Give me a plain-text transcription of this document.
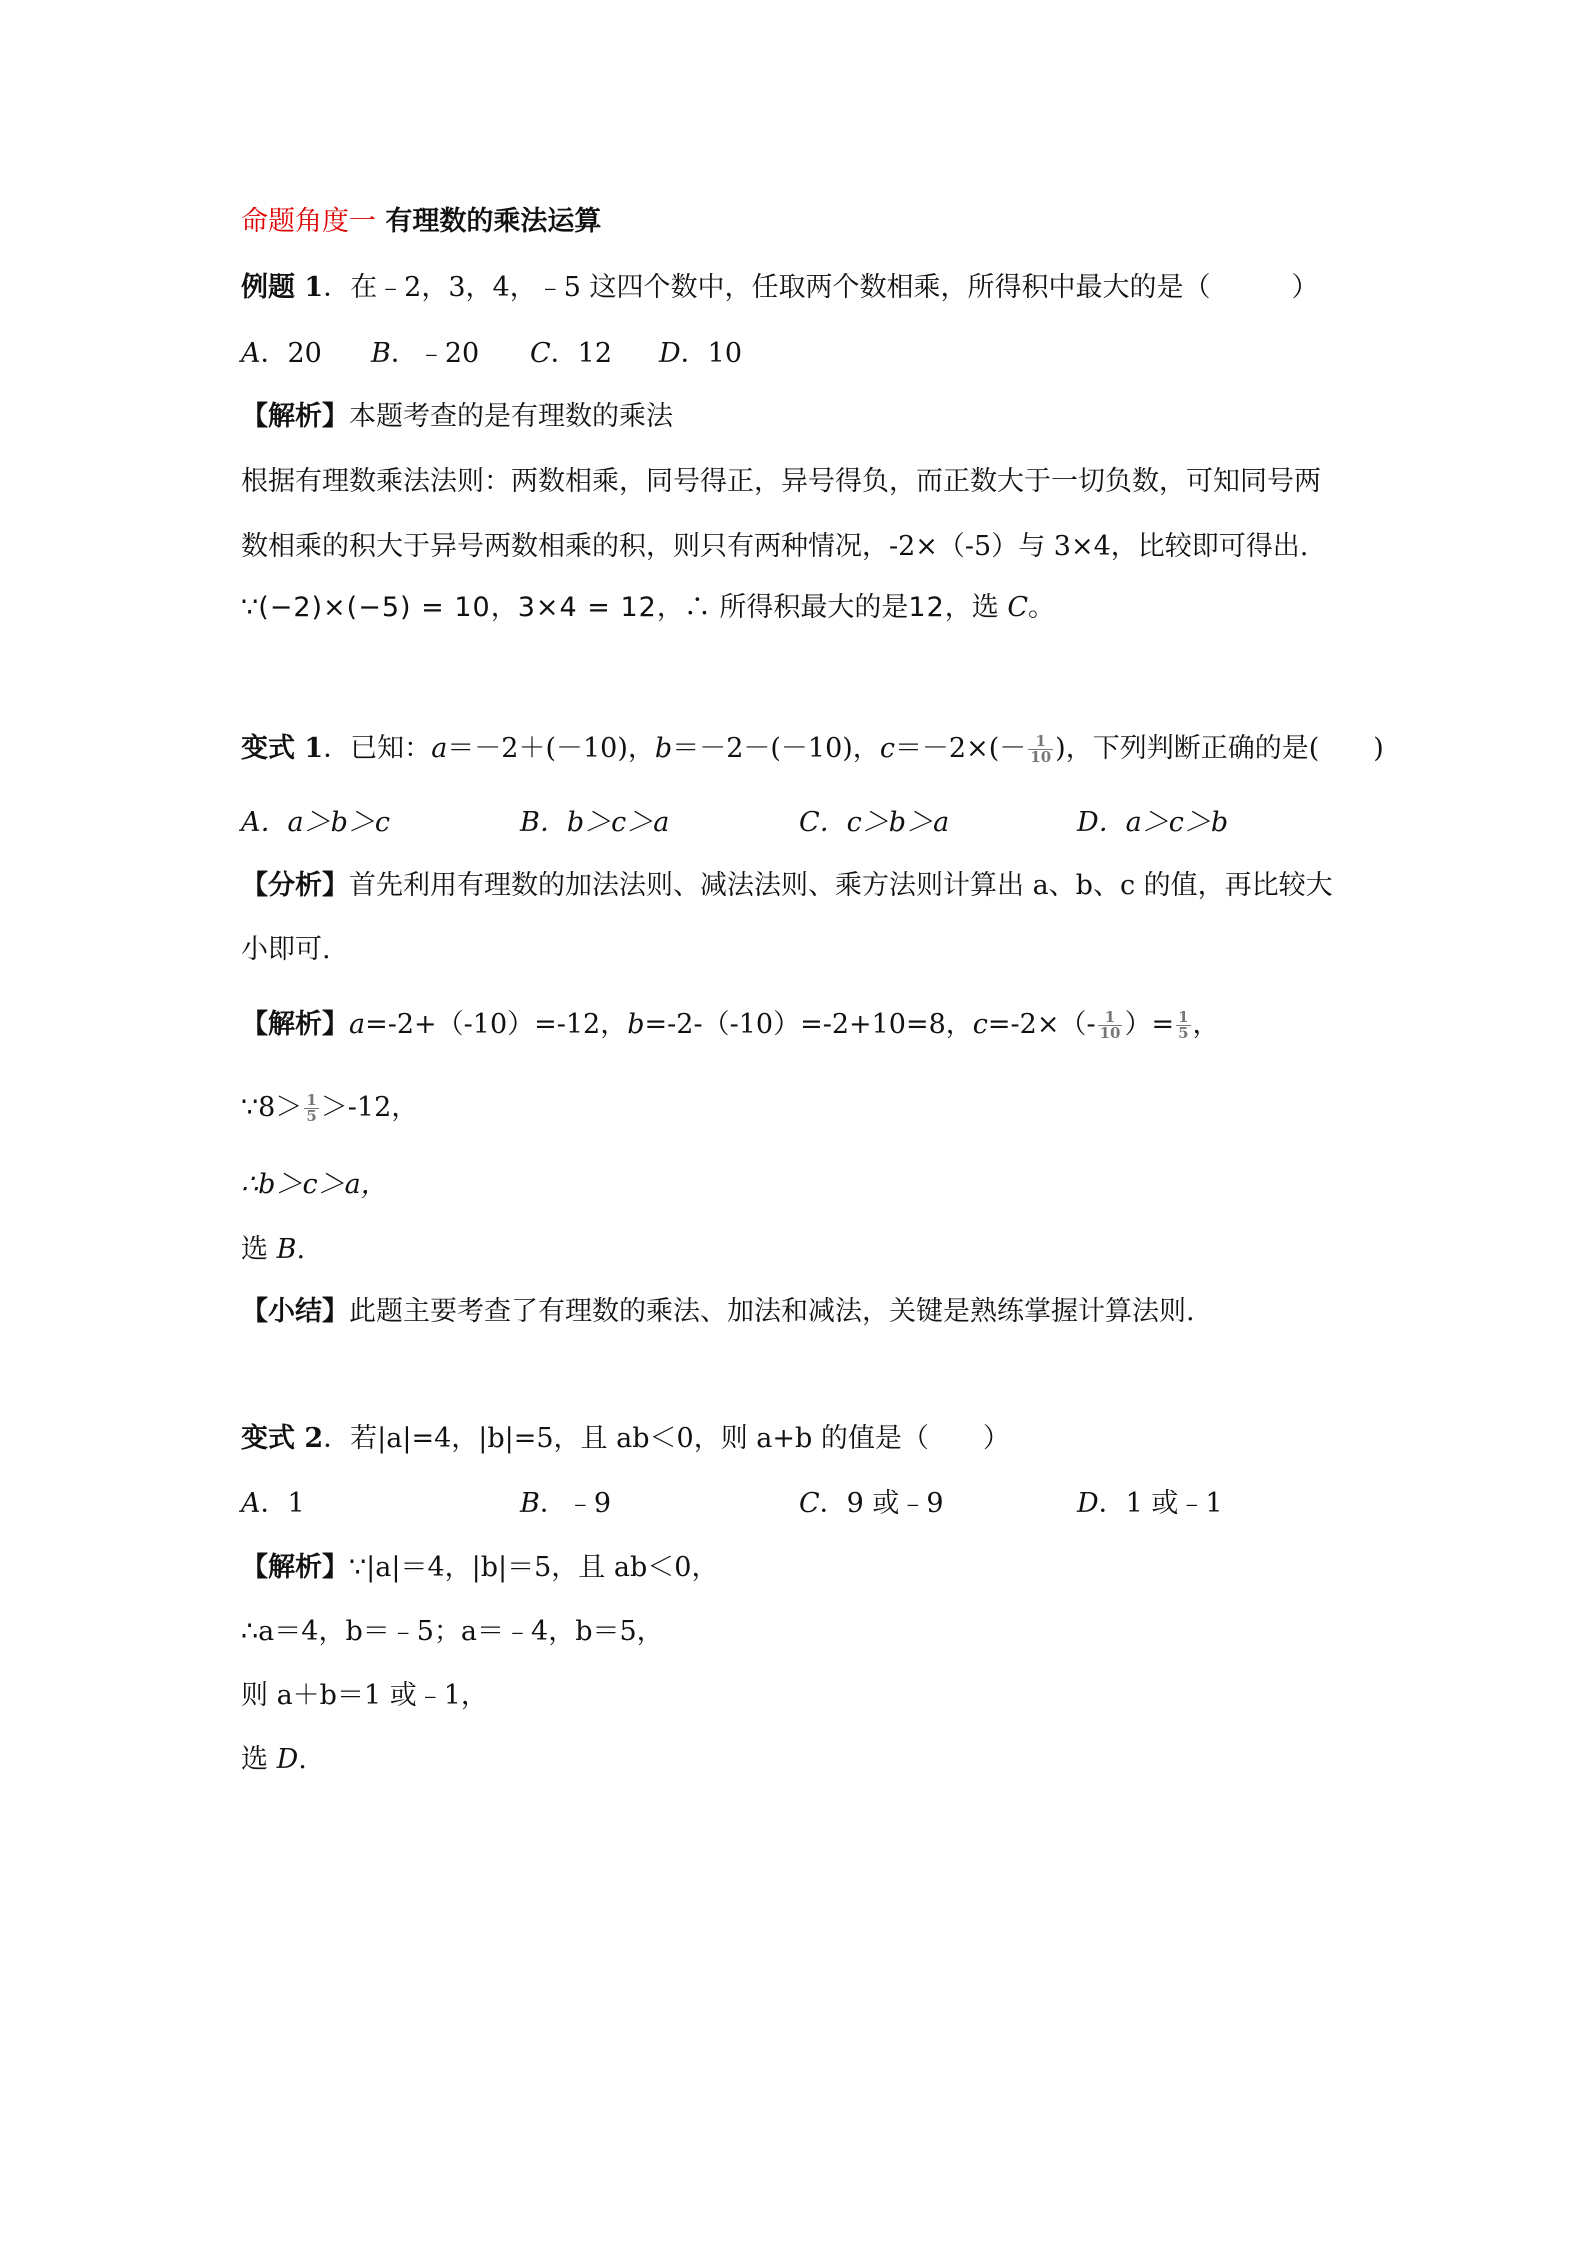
命题角度一 有理数的乘法运算
例题 1．在﹣2，3，4，﹣5 这四个数中，任取两个数相乘，所得积中最大的是（　　　）
A．20 B．﹣20 C．12 D．10
【解析】本题考查的是有理数的乘法
根据有理数乘法法则：两数相乘，同号得正，异号得负，而正数大于一切负数，可知同号两
数相乘的积大于异号两数相乘的积，则只有两种情况，-2×（-5）与 3×4，比较即可得出.
∵(−2)×(−5) = 10，3×4 = 12，∴ 所得积最大的是12，选 C。
变式 1．已知：a＝－2＋(－10)，b＝－2－(－10)，$c=-2\times(- \frac{1}{10}$ )，下列判断正确的是(　　)
A．a＞b＞c	B．b＞c＞a	C．c＞b＞a	D．a＞c＞b
【分析】首先利用有理数的加法法则、减法法则、乘方法则计算出 a、b、c 的值，再比较大
小即可.
【解析】a=-2+（-10）=-12，b=-2-（-10）=-2+10=8，$c=-2\times(- \frac{1}{10}$ ）= $\frac{1}{5}$ ，
∵8＞ $\frac{1}{5} >-12$，
∴b＞c＞a，
选 B.
【小结】此题主要考查了有理数的乘法、加法和减法，关键是熟练掌握计算法则.
变式 2．若|a|=4，|b|=5，且 ab＜0，则 a+b 的值是（　　）
A．1	B．﹣9	C．9 或﹣9	D．1 或﹣1
【解析】∵|a|＝4，|b|＝5，且 ab＜0，
∴a＝4，b＝﹣5；a＝﹣4，b＝5，
则 a＋b＝1 或﹣1，
选 D.
